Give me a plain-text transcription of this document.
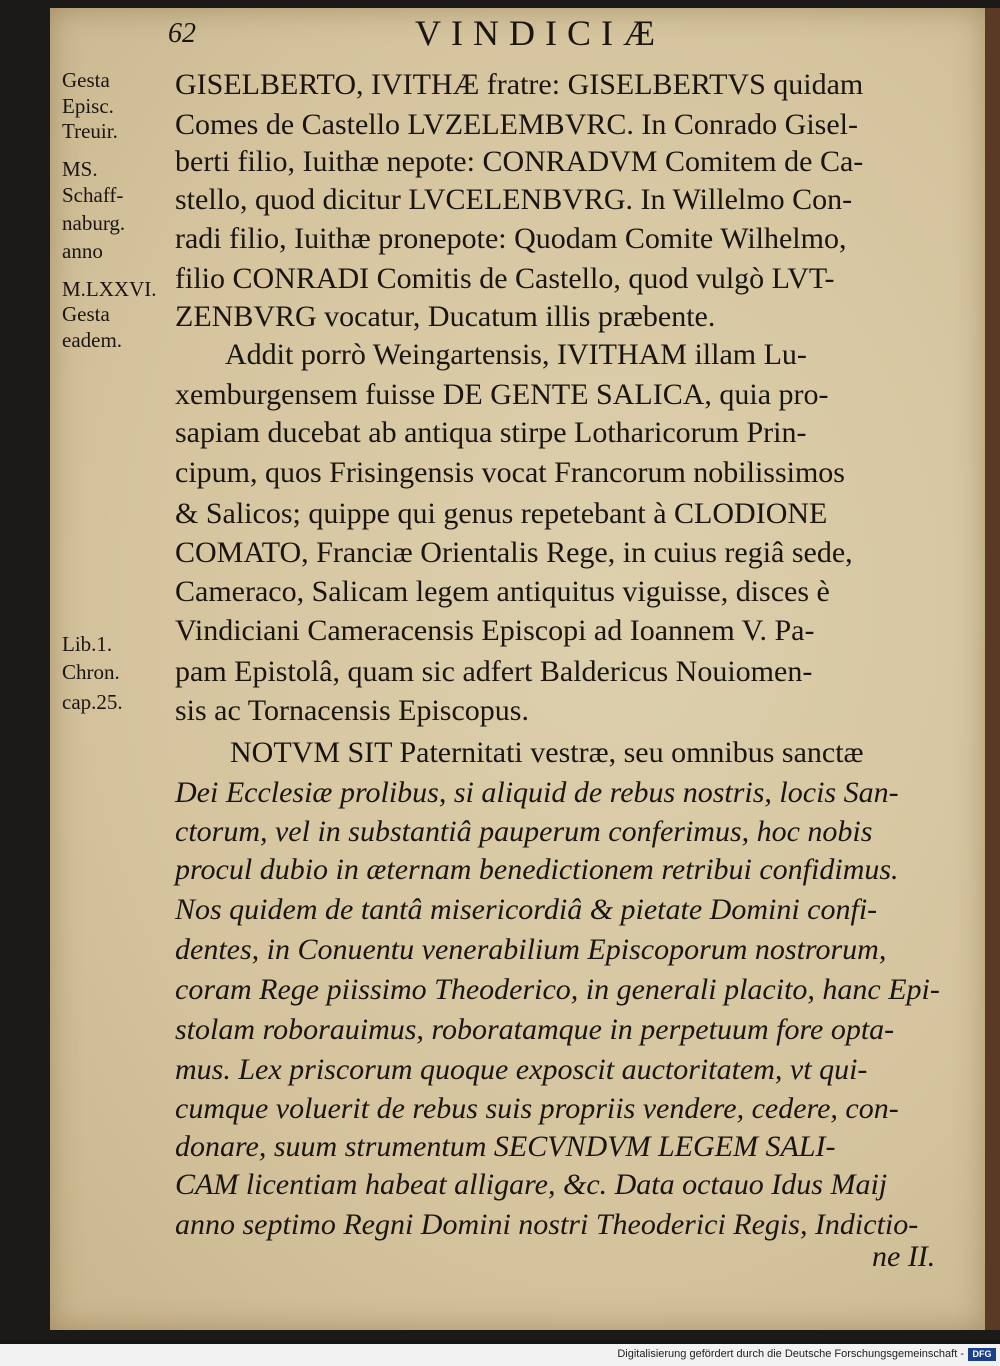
62	VINDICIÆ
Gesta
Episc.
Treuir.
MS.
Schaff-
naburg.
anno
M.LXXVI.
Gesta
eadem.
Lib.1.
Chron.
cap.25.
GISELBERTO, IVITHÆ fratre: GISELBERTVS quidam
Comes de Castello LVZELEMBVRC. In Conrado Gisel-
berti filio, Iuithæ nepote: CONRADVM Comitem de Ca-
stello, quod dicitur LVCELENBVRG. In Willelmo Con-
radi filio, Iuithæ pronepote: Quodam Comite Wilhelmo,
filio CONRADI Comitis de Castello, quod vulgò LVT-
ZENBVRG vocatur, Ducatum illis præbente.
Addit porrò Weingartensis, IVITHAM illam Lu-
xemburgensem fuisse DE GENTE SALICA, quia pro-
sapiam ducebat ab antiqua stirpe Lotharicorum Prin-
cipum, quos Frisingensis vocat Francorum nobilissimos
& Salicos; quippe qui genus repetebant à CLODIONE
COMATO, Franciæ Orientalis Rege, in cuius regiâ sede,
Cameraco, Salicam legem antiquitus viguisse, disces è
Vindiciani Cameracensis Episcopi ad Ioannem V. Pa-
pam Epistolâ, quam sic adfert Baldericus Nouiomen-
sis ac Tornacensis Episcopus.
NOTVM SIT Paternitati vestræ, seu omnibus sanctæ
Dei Ecclesiæ prolibus, si aliquid de rebus nostris, locis San-
ctorum, vel in substantiâ pauperum conferimus, hoc nobis
procul dubio in æternam benedictionem retribui confidimus.
Nos quidem de tantâ misericordiâ & pietate Domini confi-
dentes, in Conuentu venerabilium Episcoporum nostrorum,
coram Rege piissimo Theoderico, in generali placito, hanc Epi-
stolam roborauimus, roboratamque in perpetuum fore opta-
mus. Lex priscorum quoque exposcit auctoritatem, vt qui-
cumque voluerit de rebus suis propriis vendere, cedere, con-
donare, suum strumentum SECVNDVM LEGEM SALI-
CAM licentiam habeat alligare, &c. Data octauo Idus Maij
anno septimo Regni Domini nostri Theoderici Regis, Indictio-
ne II.
Digitalisierung gefördert durch die Deutsche Forschungsgemeinschaft - DFG
